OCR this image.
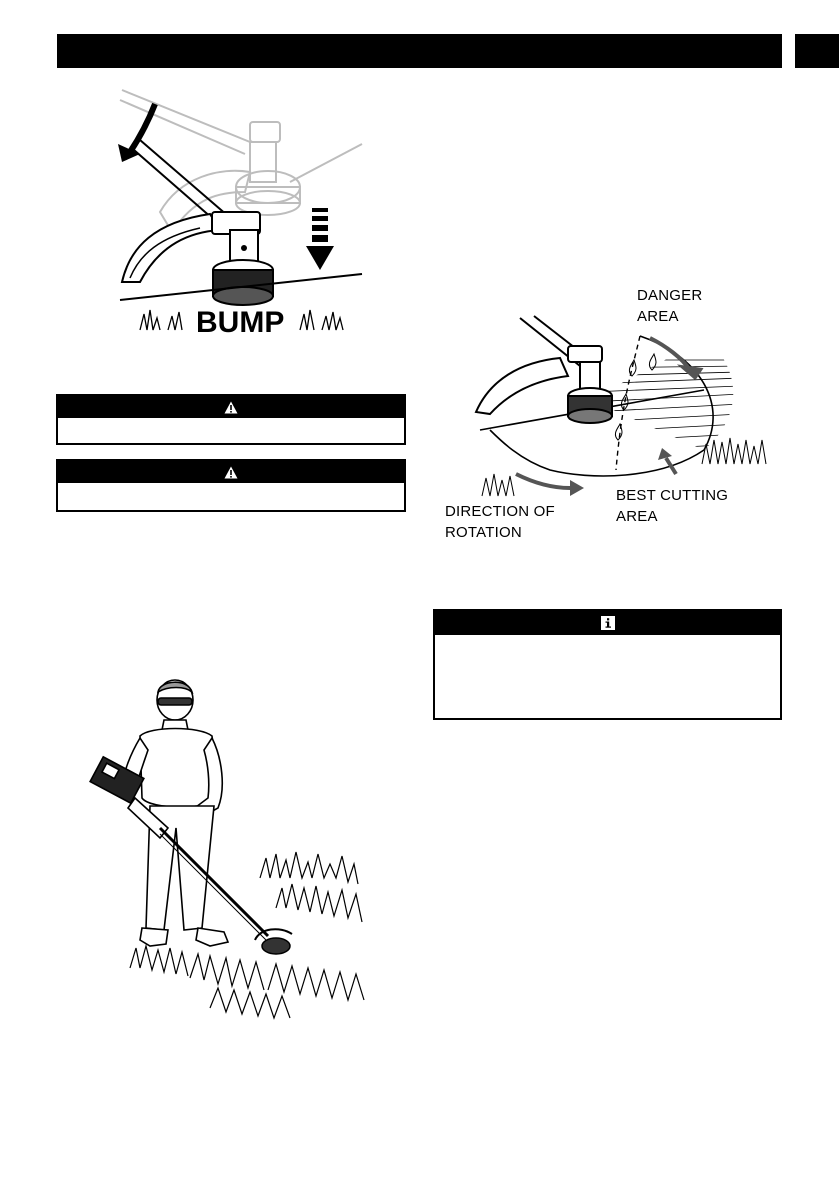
BUMP
DANGER
AREA
BEST CUTTING
AREA
DIRECTION OF
ROTATION
